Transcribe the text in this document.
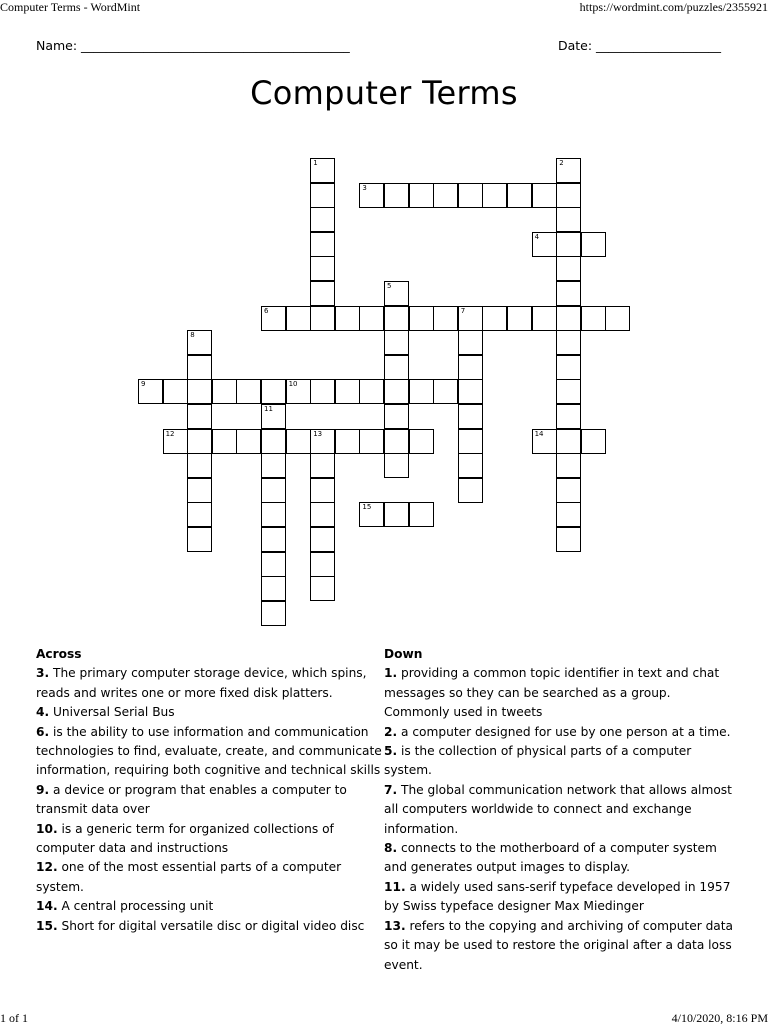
Computer Terms - WordMint	https://wordmint.com/puzzles/2355921
Name: ___________________________________________	Date: ____________________
Computer Terms
1	2
3
4
5
6	7
8
9	10
11
12	13	14
15
Across
3. The primary computer storage device, which spins, reads and writes one or more fixed disk platters.
4. Universal Serial Bus
6. is the ability to use information and communication technologies to find, evaluate, create, and communicate information, requiring both cognitive and technical skills
9. a device or program that enables a computer to transmit data over
10. is a generic term for organized collections of computer data and instructions
12. one of the most essential parts of a computer system.
14. A central processing unit
15. Short for digital versatile disc or digital video disc
Down
1. providing a common topic identifier in text and chat messages so they can be searched as a group. Commonly used in tweets
2. a computer designed for use by one person at a time.
5. is the collection of physical parts of a computer system.
7. The global communication network that allows almost all computers worldwide to connect and exchange information.
8. connects to the motherboard of a computer system and generates output images to display.
11. a widely used sans-serif typeface developed in 1957 by Swiss typeface designer Max Miedinger
13. refers to the copying and archiving of computer data so it may be used to restore the original after a data loss event.
1 of 1	4/10/2020, 8:16 PM
